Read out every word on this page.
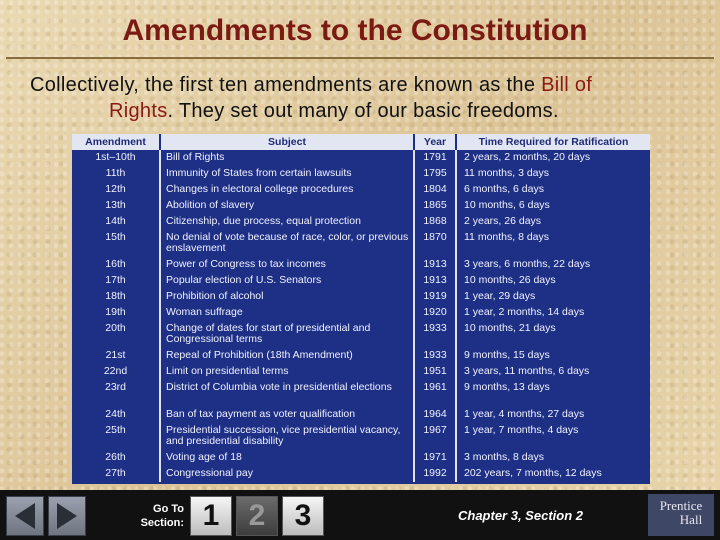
Amendments to the Constitution
Collectively, the first ten amendments are known as the Bill of
Rights. They set out many of our basic freedoms.
Amendment	Subject	Year	Time Required for Ratification
1st–10th	Bill of Rights	1791	2 years, 2 months, 20 days
11th	Immunity of States from certain lawsuits	1795	11 months, 3 days
12th	Changes in electoral college procedures	1804	6 months, 6 days
13th	Abolition of slavery	1865	10 months, 6 days
14th	Citizenship, due process, equal protection	1868	2 years, 26 days
15th	No denial of vote because of race, color, or previous enslavement	1870	11 months, 8 days
16th	Power of Congress to tax incomes	1913	3 years, 6 months, 22 days
17th	Popular election of U.S. Senators	1913	10 months, 26 days
18th	Prohibition of alcohol	1919	1 year, 29 days
19th	Woman suffrage	1920	1 year, 2 months, 14 days
20th	Change of dates for start of presidential and Congressional terms	1933	10 months, 21 days
21st	Repeal of Prohibition (18th Amendment)	1933	9 months, 15 days
22nd	Limit on presidential terms	1951	3 years, 11 months, 6 days
23rd	District of Columbia vote in presidential elections	1961	9 months, 13 days
24th	Ban of tax payment as voter qualification	1964	1 year, 4 months, 27 days
25th	Presidential succession, vice presidential vacancy, and presidential disability	1967	1 year, 7 months, 4 days
26th	Voting age of 18	1971	3 months, 8 days
27th	Congressional pay	1992	202 years, 7 months, 12 days
Go To
Section: 1 2 3	Chapter 3, Section 2
Prentice
Hall
